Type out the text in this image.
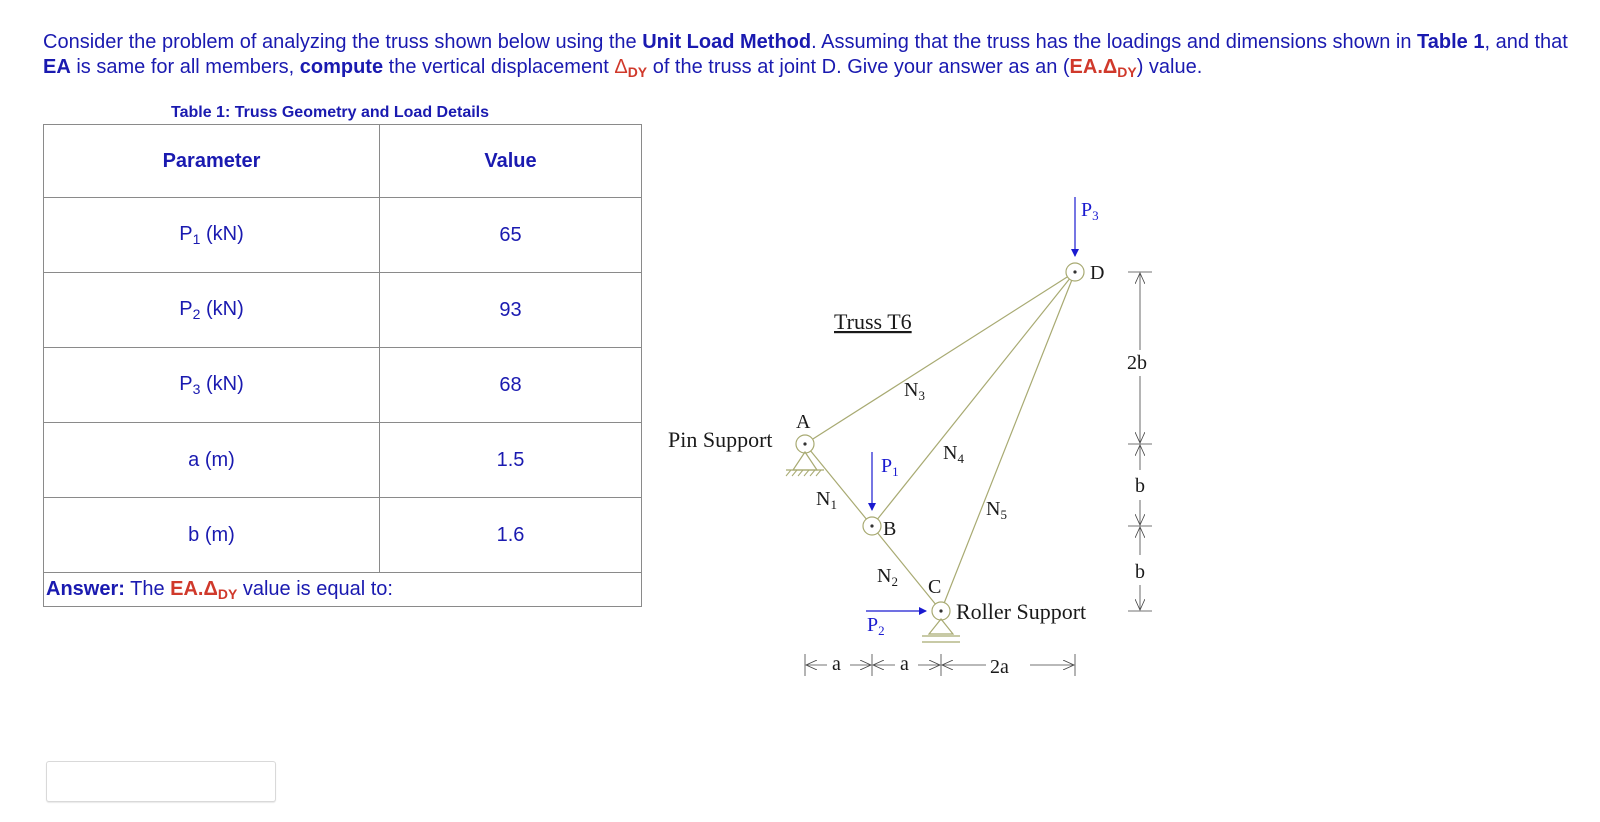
Consider the problem of analyzing the truss shown below using the Unit Load Method. Assuming that the truss has the loadings and dimensions shown in Table 1, and that EA is same for all members, compute the vertical displacement $\Delta_{DY}$ of the truss at joint D. Give your answer as an $(EA.\Delta_{DY})$ value.
Table 1: Truss Geometry and Load Details
Parameter	Value
$P_1$ (kN)	65
$P_2$ (kN)	93
$P_3$ (kN)	68
a (m)	1.5
b (m)	1.6
Answer: The $EA.\Delta_{DY}$ value is equal to:	
Truss T6
Pin Support
Roller Support
A
B
C
D
$N_1$
$N_2$
$N_3$
$N_4$
$N_5$
$P_1$
$P_2$
$P_3$
a	a	2a
2b
b
b
